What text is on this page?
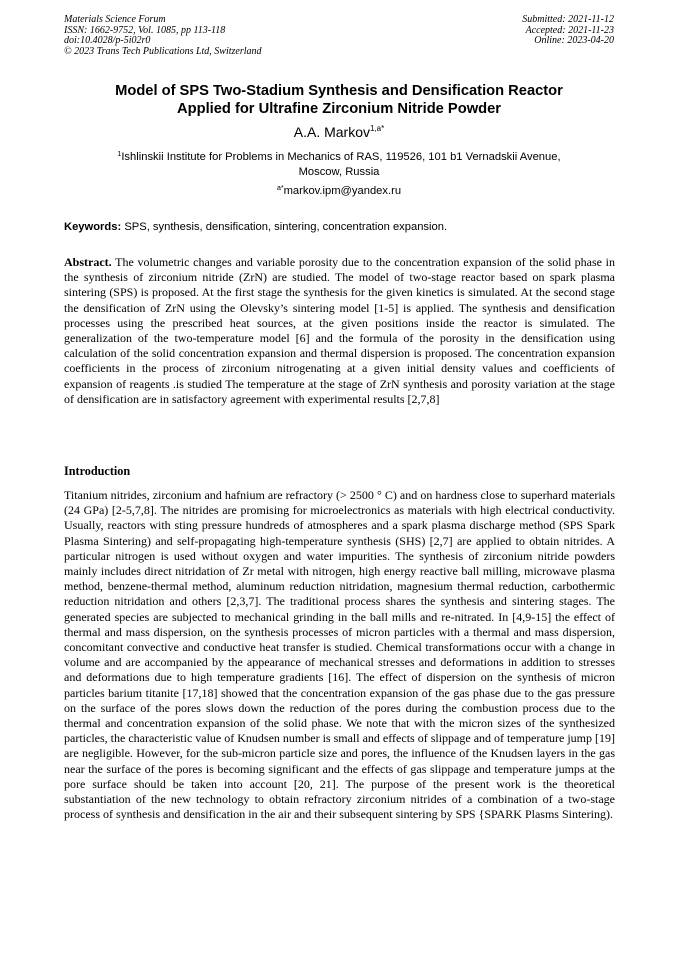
Materials Science Forum
ISSN: 1662-9752, Vol. 1085, pp 113-118
doi:10.4028/p-5i02r0
© 2023 Trans Tech Publications Ltd, Switzerland
Submitted: 2021-11-12
Accepted: 2021-11-23
Online: 2023-04-20
Model of SPS Two-Stadium Synthesis and Densification Reactor
Applied for Ultrafine Zirconium Nitride Powder
A.A. Markov$^{1,a*}$
$^1$Ishlinskii Institute for Problems in Mechanics of RAS, 119526, 101 b1 Vernadskii Avenue,
Moscow, Russia
$^{a*}$markov.ipm@yandex.ru
Keywords: SPS, synthesis, densification, sintering, concentration expansion.

Abstract. The volumetric changes and variable porosity due to the concentration expansion of the solid phase in the synthesis of zirconium nitride (ZrN) are studied. The model of two-stage reactor based on spark plasma sintering (SPS) is proposed. At the first stage the synthesis for the given kinetics is simulated. At the second stage the densification of ZrN using the Olevsky’s sintering model [1-5] is applied. The synthesis and densification processes using the prescribed heat sources, at the given positions inside the reactor is simulated. The generalization of the two-temperature model [6] and the formula of the porosity in the densification using calculation of the solid concentration expansion and thermal dispersion is proposed. The concentration expansion coefficients in the process of zirconium nitrogenating at a given initial density values and coefficients of expansion of reagents .is studied The temperature at the stage of ZrN synthesis and porosity variation at the stage of densification are in satisfactory agreement with experimental results [2,7,8]

Introduction

Titanium nitrides, zirconium and hafnium are refractory (> 2500 ° C) and on hardness close to superhard materials (24 GPa) [2-5,7,8]. The nitrides are promising for microelectronics as materials with high electrical conductivity. Usually, reactors with sting pressure hundreds of atmospheres and a spark plasma discharge method (SPS Spark Plasma Sintering) and self-propagating high-temperature synthesis (SHS) [2,7] are applied to obtain nitrides. A particular nitrogen is used without oxygen and water impurities. The synthesis of zirconium nitride powders mainly includes direct nitridation of Zr metal with nitrogen, high energy reactive ball milling, microwave plasma method, benzene-thermal method, aluminum reduction nitridation, magnesium thermal reduction, carbothermic reduction nitridation and others [2,3,7]. The traditional process shares the synthesis and sintering stages. The generated species are subjected to mechanical grinding in the ball mills and re-nitrated. In [4,9-15] the effect of thermal and mass dispersion, on the synthesis processes of micron particles with a thermal and mass dispersion, concomitant convective and conductive heat transfer is studied. Chemical transformations occur with a change in volume and are accompanied by the appearance of mechanical stresses and deformations in addition to stresses and deformations due to high temperature gradients [16]. The effect of dispersion on the synthesis of micron particles barium titanite [17,18] showed that the concentration expansion of the gas phase due to the gas pressure on the surface of the pores slows down the reduction of the pores during the combustion process due to the thermal and concentration expansion of the solid phase. We note that with the micron sizes of the synthesized particles, the characteristic value of Knudsen number is small and effects of slippage and of temperature jump [19] are negligible. However, for the sub-micron particle size and pores, the influence of the Knudsen layers in the gas near the surface of the pores is becoming significant and the effects of gas slippage and temperature jumps at the pore surface should be taken into account [20, 21]. The purpose of the present work is the theoretical substantiation of the new technology to obtain refractory zirconium nitrides of a combination of a two-stage process of synthesis and densification in the air and their subsequent sintering by SPS {SPARK Plasms Sintering).
